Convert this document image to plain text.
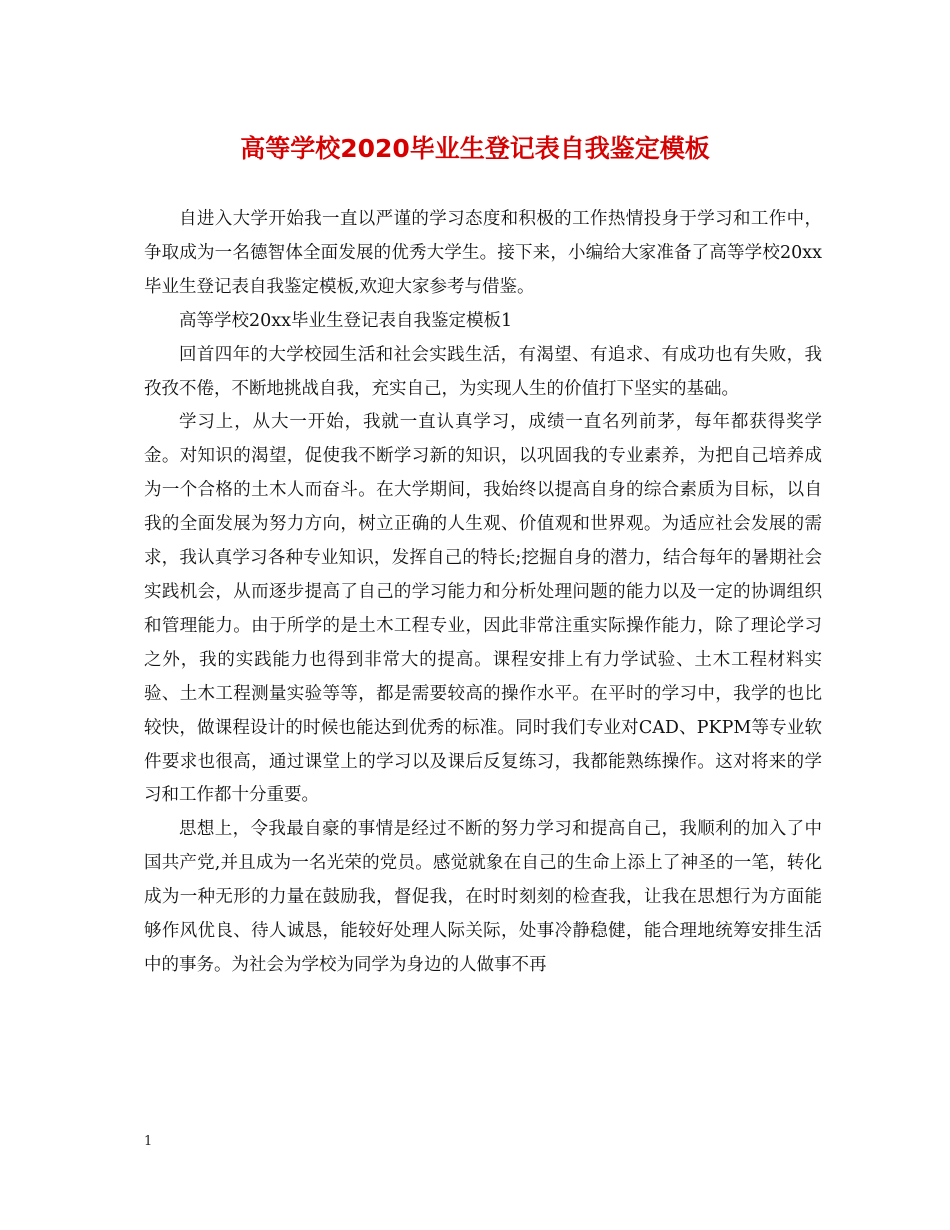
高等学校2020毕业生登记表自我鉴定模板

自进入大学开始我一直以严谨的学习态度和积极的工作热情投身于学习和工作中，争取成为一名德智体全面发展的优秀大学生。接下来，小编给大家准备了高等学校20xx毕业生登记表自我鉴定模板,欢迎大家参考与借鉴。

高等学校20xx毕业生登记表自我鉴定模板1

回首四年的大学校园生活和社会实践生活，有渴望、有追求、有成功也有失败，我孜孜不倦，不断地挑战自我，充实自己，为实现人生的价值打下坚实的基础。

学习上，从大一开始，我就一直认真学习，成绩一直名列前茅，每年都获得奖学金。对知识的渴望，促使我不断学习新的知识，以巩固我的专业素养，为把自己培养成为一个合格的土木人而奋斗。在大学期间，我始终以提高自身的综合素质为目标，以自我的全面发展为努力方向，树立正确的人生观、价值观和世界观。为适应社会发展的需求，我认真学习各种专业知识，发挥自己的特长;挖掘自身的潜力，结合每年的暑期社会实践机会，从而逐步提高了自己的学习能力和分析处理问题的能力以及一定的协调组织和管理能力。由于所学的是土木工程专业，因此非常注重实际操作能力，除了理论学习之外，我的实践能力也得到非常大的提高。课程安排上有力学试验、土木工程材料实验、土木工程测量实验等等，都是需要较高的操作水平。在平时的学习中，我学的也比较快，做课程设计的时候也能达到优秀的标准。同时我们专业对CAD、PKPM等专业软件要求也很高，通过课堂上的学习以及课后反复练习，我都能熟练操作。这对将来的学习和工作都十分重要。

思想上，令我最自豪的事情是经过不断的努力学习和提高自己，我顺利的加入了中国共产党,并且成为一名光荣的党员。感觉就象在自己的生命上添上了神圣的一笔，转化成为一种无形的力量在鼓励我，督促我，在时时刻刻的检查我，让我在思想行为方面能够作风优良、待人诚恳，能较好处理人际关际，处事冷静稳健，能合理地统筹安排生活中的事务。为社会为学校为同学为身边的人做事不再

1
